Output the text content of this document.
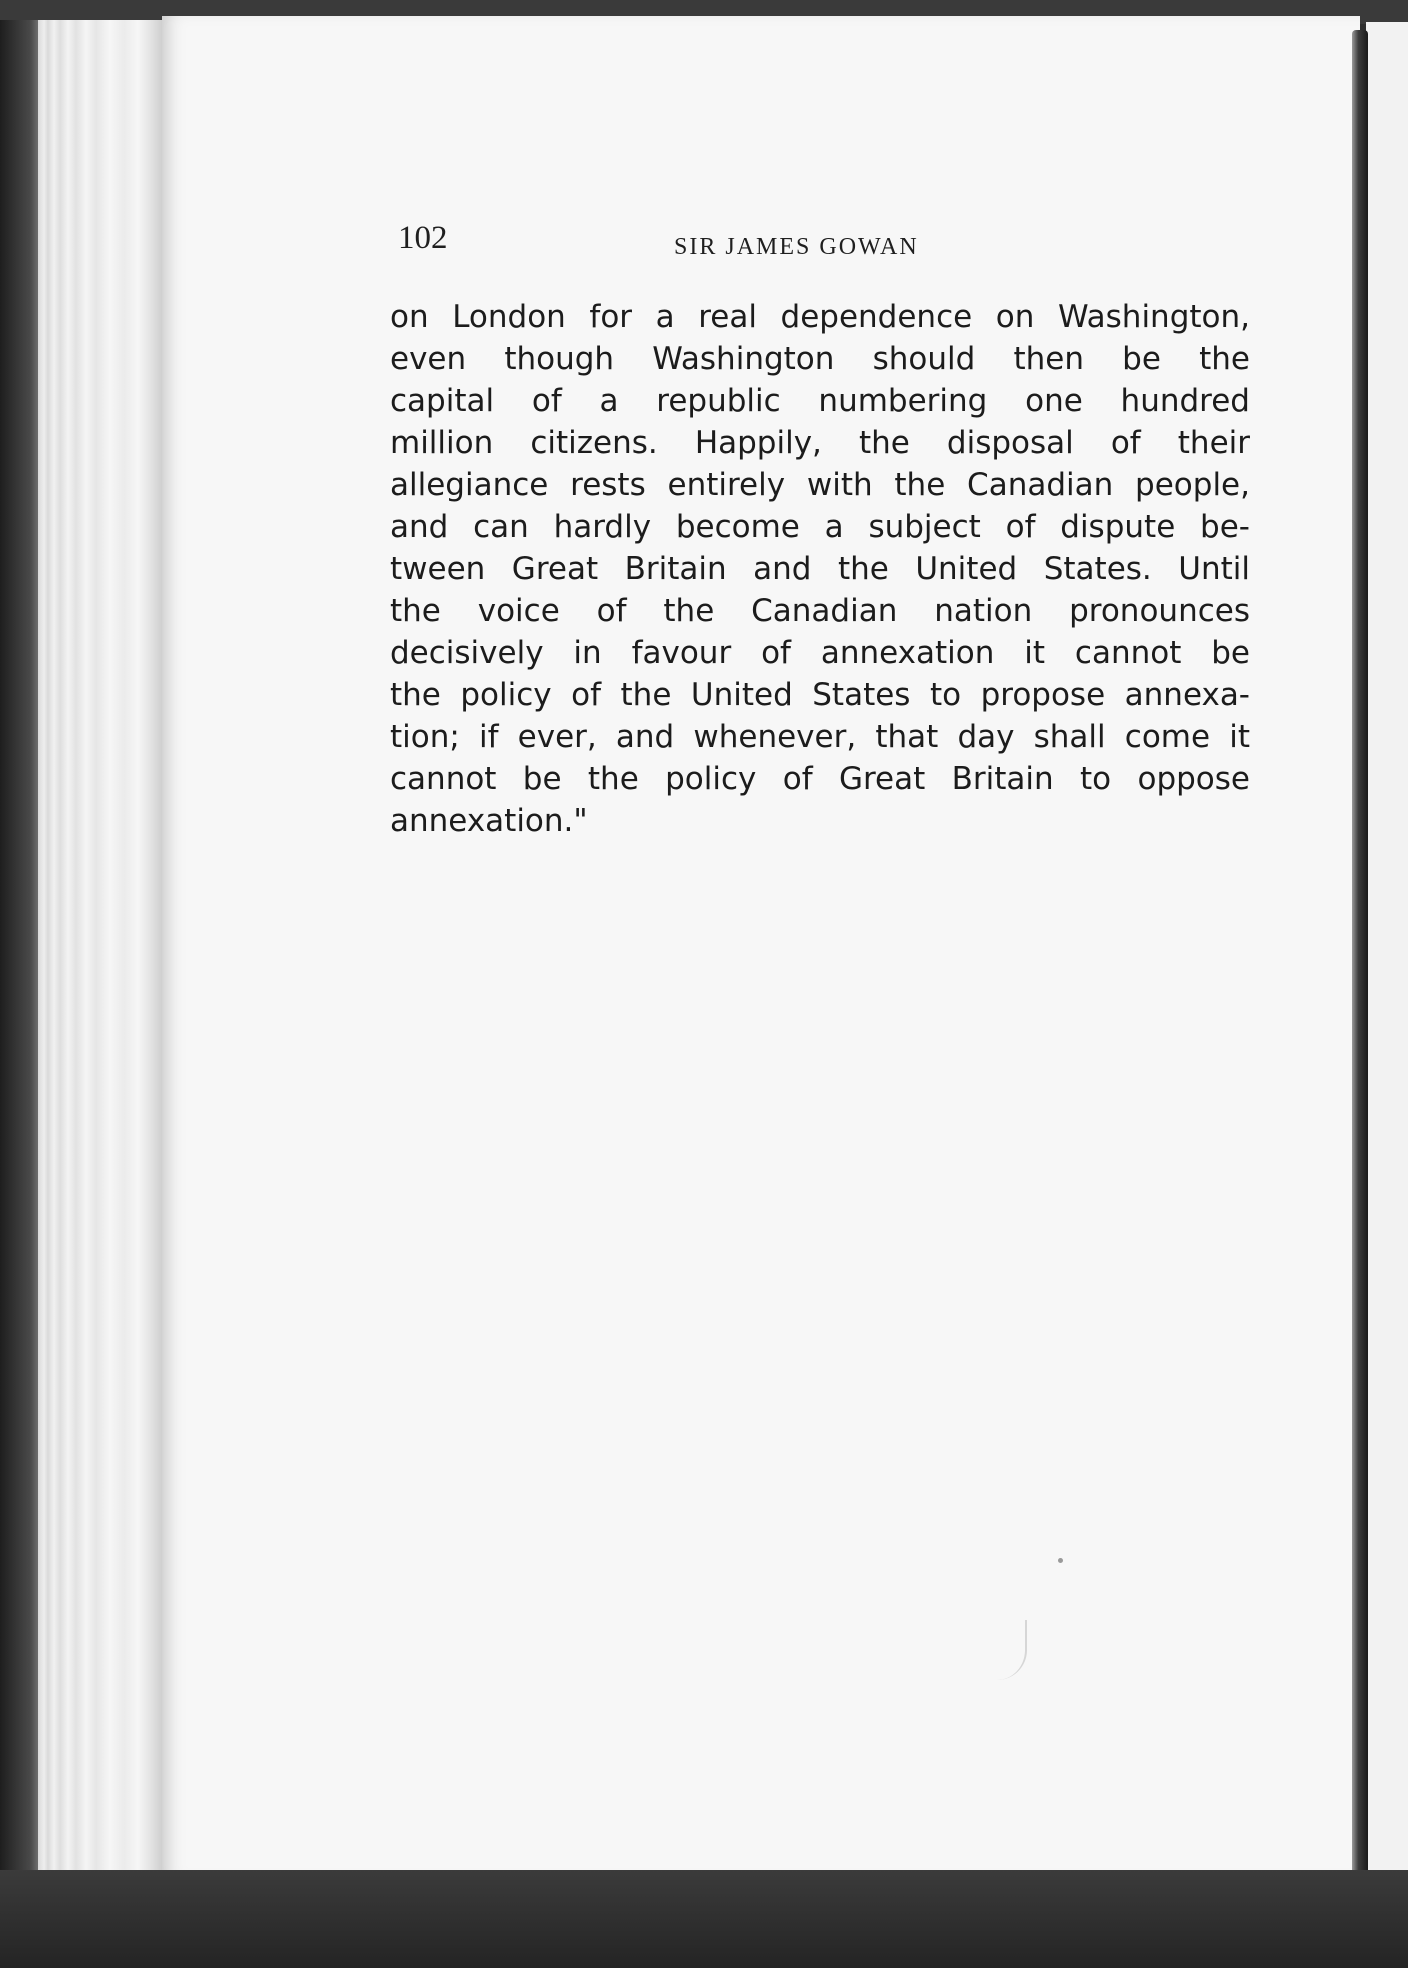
102	SIR JAMES GOWAN
on London for a real dependence on Washington,
even though Washington should then be the
capital of a republic numbering one hundred
million citizens. Happily, the disposal of their
allegiance rests entirely with the Canadian people,
and can hardly become a subject of dispute be-
tween Great Britain and the United States. Until
the voice of the Canadian nation pronounces
decisively in favour of annexation it cannot be
the policy of the United States to propose annexa-
tion; if ever, and whenever, that day shall come it
cannot be the policy of Great Britain to oppose
annexation."
